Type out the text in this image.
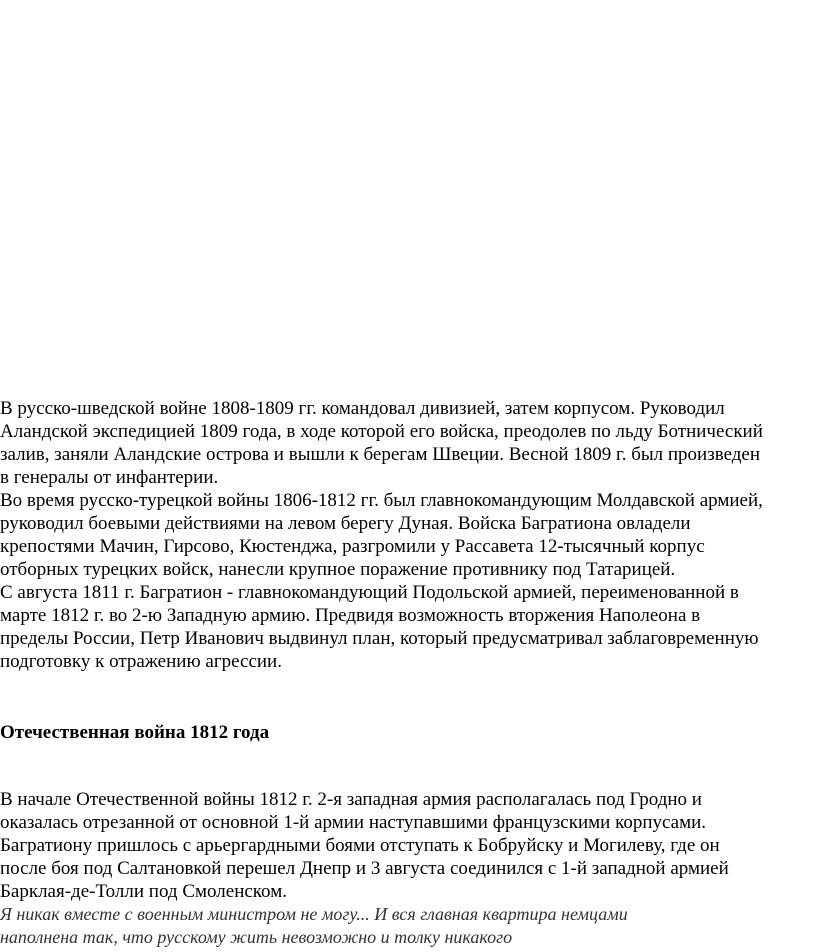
В русско-шведской войне 1808-1809 гг. командовал дивизией, затем корпусом. Руководил
Аландской экспедицией 1809 года, в ходе которой его войска, преодолев по льду Ботнический
залив, заняли Аландские острова и вышли к берегам Швеции. Весной 1809 г. был произведен
в генералы от инфантерии.
Во время русско-турецкой войны 1806-1812 гг. был главнокомандующим Молдавской армией,
руководил боевыми действиями на левом берегу Дуная. Войска Багратиона овладели
крепостями Мачин, Гирсово, Кюстенджа, разгромили у Рассавета 12-тысячный корпус
отборных турецких войск, нанесли крупное поражение противнику под Татарицей.
С августа 1811 г. Багратион - главнокомандующий Подольской армией, переименованной в
марте 1812 г. во 2-ю Западную армию. Предвидя возможность вторжения Наполеона в
пределы России, Петр Иванович выдвинул план, который предусматривал заблаговременную
подготовку к отражению агрессии.
Отечественная война 1812 года
В начале Отечественной войны 1812 г. 2-я западная армия располагалась под Гродно и
оказалась отрезанной от основной 1-й армии наступавшими французскими корпусами.
Багратиону пришлось с арьергардными боями отступать к Бобруйску и Могилеву, где он
после боя под Салтановкой перешел Днепр и 3 августа соединился с 1-й западной армией
Барклая-де-Толли под Смоленском.
Я никак вместе с военным министром не могу... И вся главная квартира немцами
наполнена так, что русскому жить невозможно и толку никакого
